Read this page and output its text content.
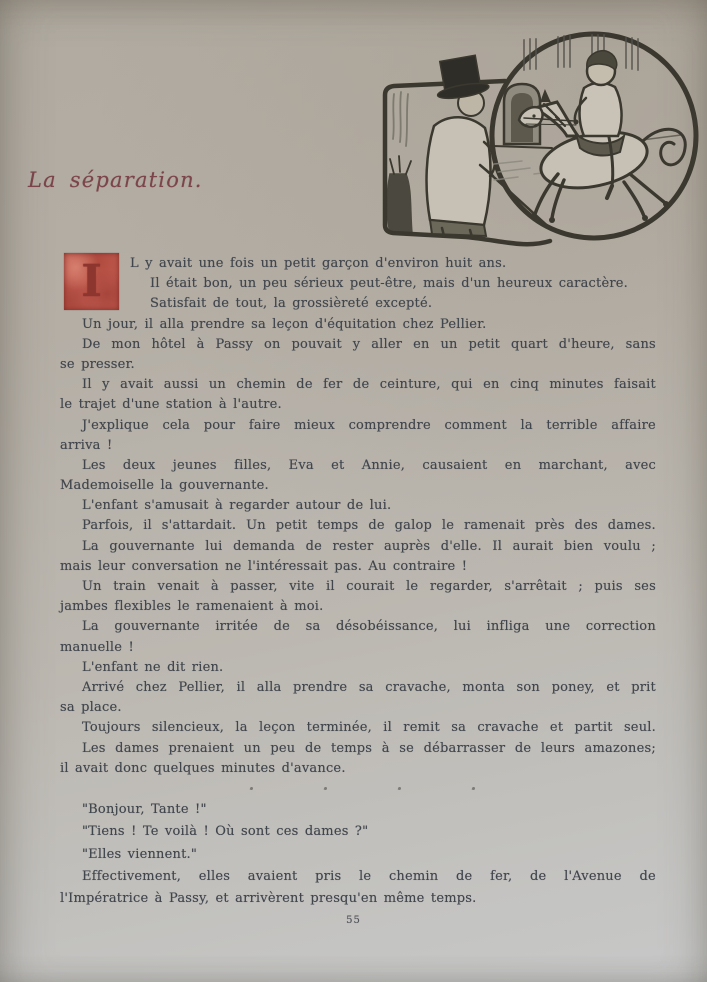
La séparation.
I	L y avait une fois un petit garçon d'environ huit ans.
Il était bon, un peu sérieux peut-être, mais d'un heureux caractère.
Satisfait de tout, la grossièreté excepté.
Un jour, il alla prendre sa leçon d'équitation chez Pellier.
De mon hôtel à Passy on pouvait y aller en un petit quart d'heure, sans
se presser.
Il y avait aussi un chemin de fer de ceinture, qui en cinq minutes faisait
le trajet d'une station à l'autre.
J'explique cela pour faire mieux comprendre comment la terrible affaire
arriva !
Les deux jeunes filles, Eva et Annie, causaient en marchant, avec
Mademoiselle la gouvernante.
L'enfant s'amusait à regarder autour de lui.
Parfois, il s'attardait. Un petit temps de galop le ramenait près des dames.
La gouvernante lui demanda de rester auprès d'elle. Il aurait bien voulu ;
mais leur conversation ne l'intéressait pas. Au contraire !
Un train venait à passer, vite il courait le regarder, s'arrêtait ; puis ses
jambes flexibles le ramenaient à moi.
La gouvernante irritée de sa désobéissance, lui infliga une correction
manuelle !
L'enfant ne dit rien.
Arrivé chez Pellier, il alla prendre sa cravache, monta son poney, et prit
sa place.
Toujours silencieux, la leçon terminée, il remit sa cravache et partit seul.
Les dames prenaient un peu de temps à se débarrasser de leurs amazones;
il avait donc quelques minutes d'avance.
"Bonjour, Tante !"
"Tiens ! Te voilà ! Où sont ces dames ?"
"Elles viennent."
Effectivement, elles avaient pris le chemin de fer, de l'Avenue de
l'Impératrice à Passy, et arrivèrent presqu'en même temps.
55
